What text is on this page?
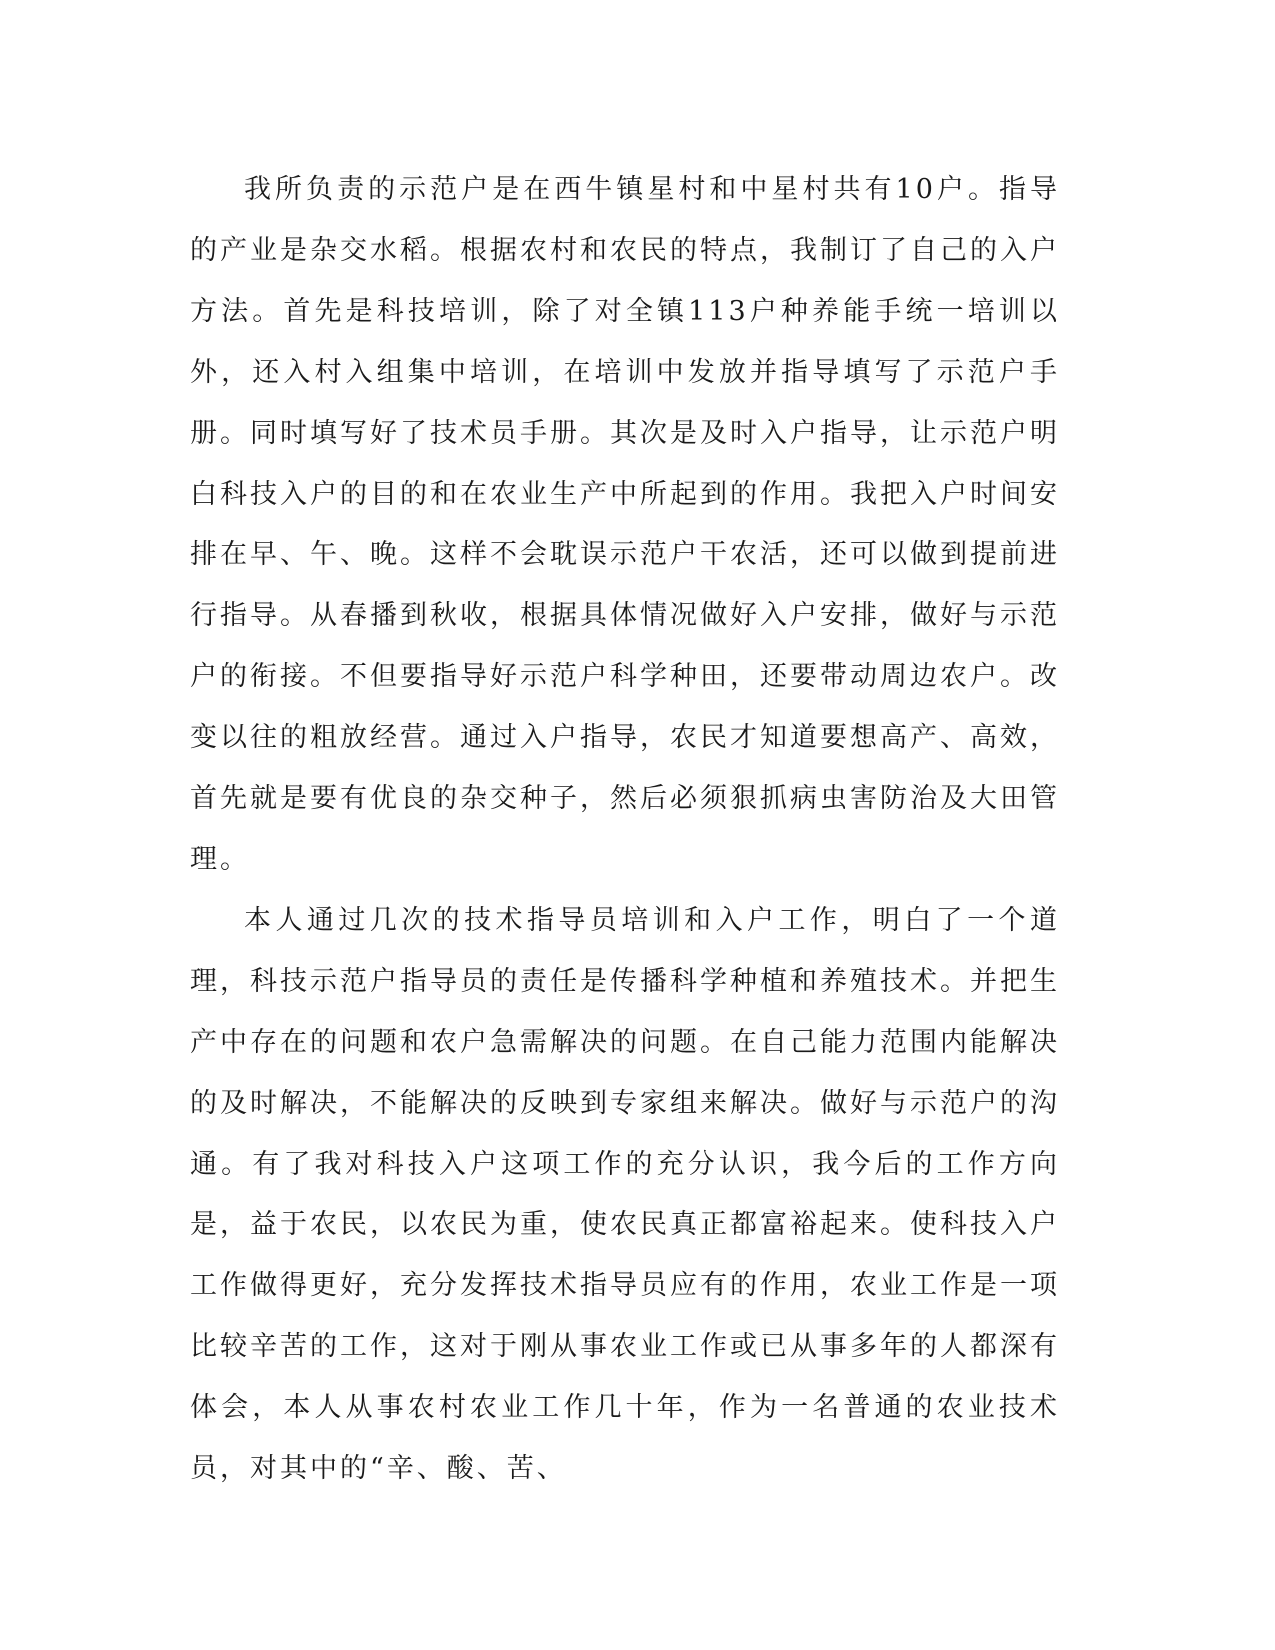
我所负责的示范户是在西牛镇星村和中星村共有10户。指导的产业是杂交水稻。根据农村和农民的特点，我制订了自己的入户方法。首先是科技培训，除了对全镇113户种养能手统一培训以外，还入村入组集中培训，在培训中发放并指导填写了示范户手册。同时填写好了技术员手册。其次是及时入户指导，让示范户明白科技入户的目的和在农业生产中所起到的作用。我把入户时间安排在早、午、晚。这样不会耽误示范户干农活，还可以做到提前进行指导。从春播到秋收，根据具体情况做好入户安排，做好与示范户的衔接。不但要指导好示范户科学种田，还要带动周边农户。改变以往的粗放经营。通过入户指导，农民才知道要想高产、高效，首先就是要有优良的杂交种子，然后必须狠抓病虫害防治及大田管理。

本人通过几次的技术指导员培训和入户工作，明白了一个道理，科技示范户指导员的责任是传播科学种植和养殖技术。并把生产中存在的问题和农户急需解决的问题。在自己能力范围内能解决的及时解决，不能解决的反映到专家组来解决。做好与示范户的沟通。有了我对科技入户这项工作的充分认识，我今后的工作方向是，益于农民，以农民为重，使农民真正都富裕起来。使科技入户工作做得更好，充分发挥技术指导员应有的作用，农业工作是一项比较辛苦的工作，这对于刚从事农业工作或已从事多年的人都深有体会，本人从事农村农业工作几十年，作为一名普通的农业技术员，对其中的“辛、酸、苦、
